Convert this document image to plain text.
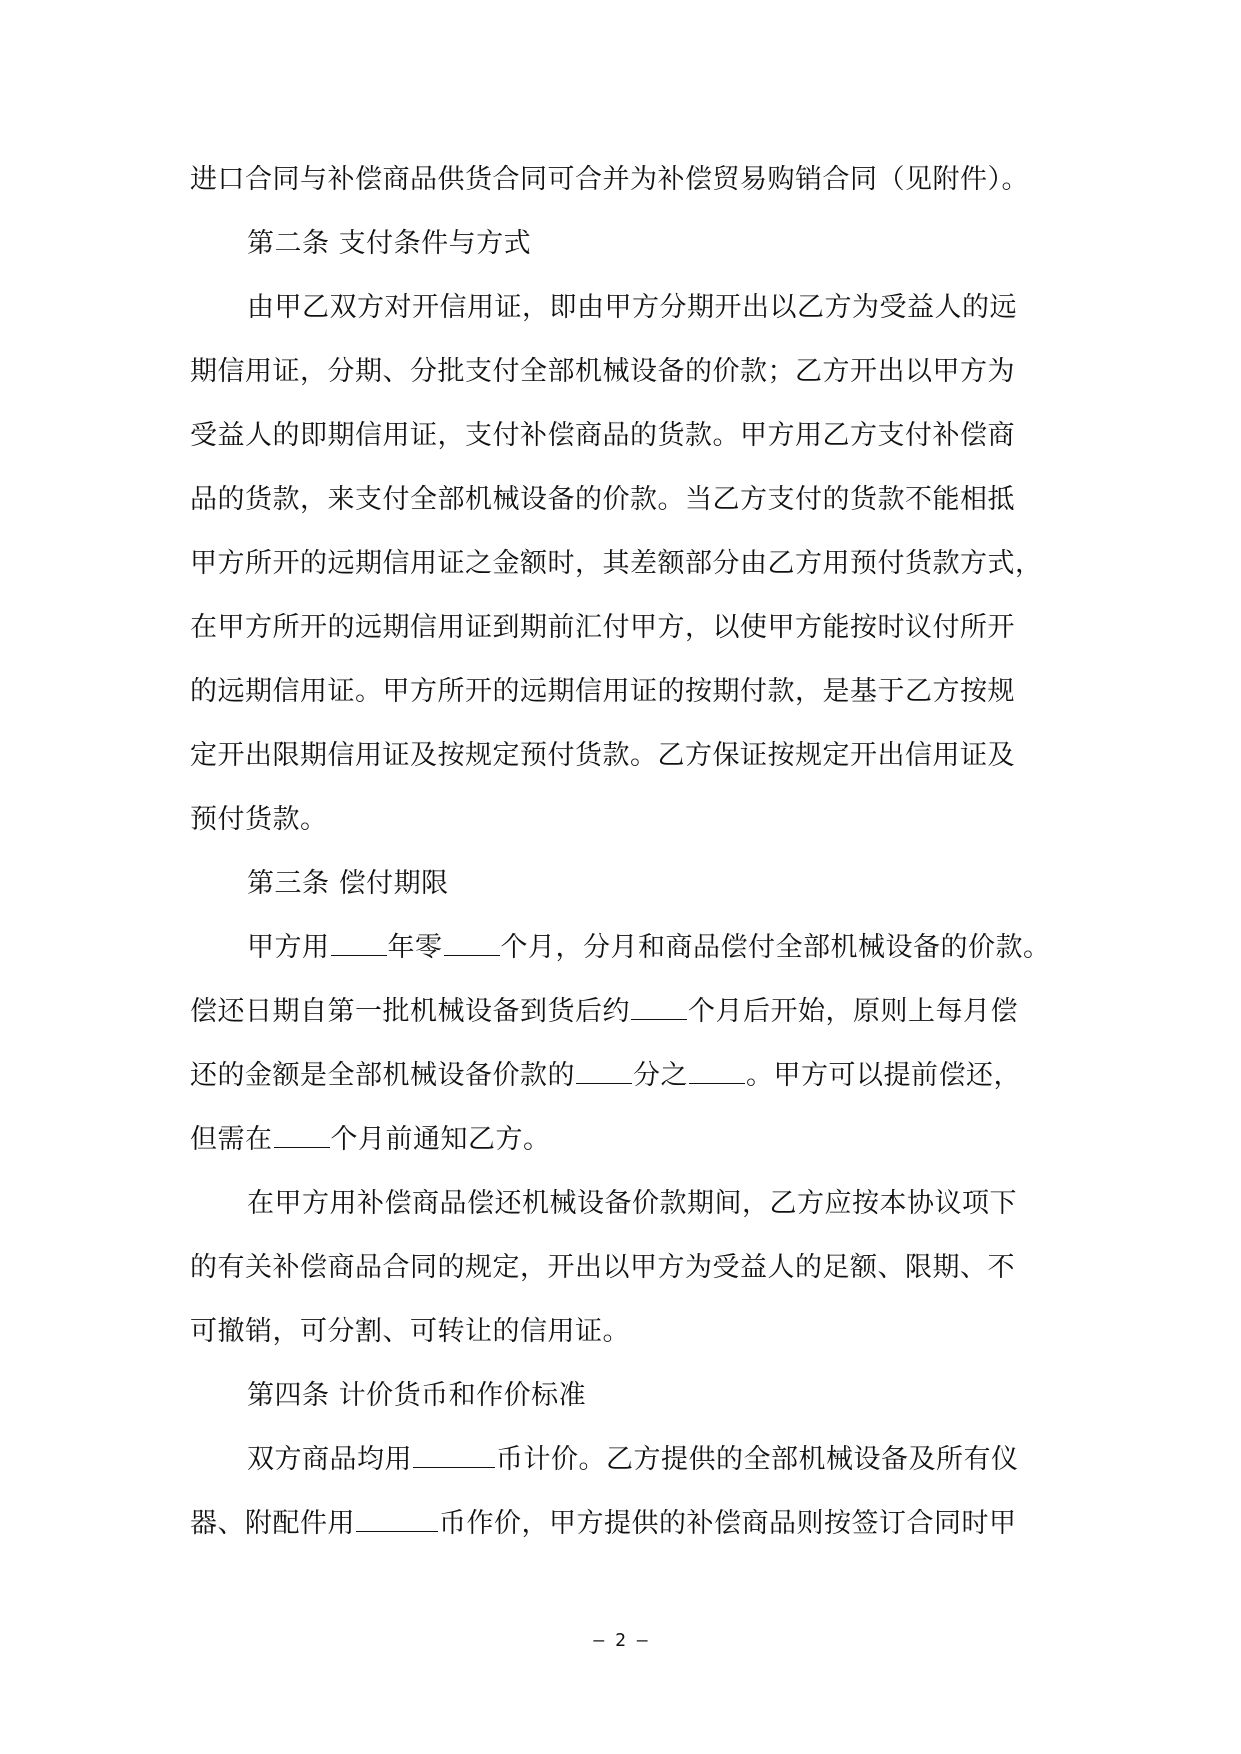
进口合同与补偿商品供货合同可合并为补偿贸易购销合同（见附件）。
第二条 支付条件与方式
由甲乙双方对开信用证，即由甲方分期开出以乙方为受益人的远
期信用证，分期、分批支付全部机械设备的价款；乙方开出以甲方为
受益人的即期信用证，支付补偿商品的货款。甲方用乙方支付补偿商
品的货款，来支付全部机械设备的价款。当乙方支付的货款不能相抵
甲方所开的远期信用证之金额时，其差额部分由乙方用预付货款方式，
在甲方所开的远期信用证到期前汇付甲方，以使甲方能按时议付所开
的远期信用证。甲方所开的远期信用证的按期付款，是基于乙方按规
定开出限期信用证及按规定预付货款。乙方保证按规定开出信用证及
预付货款。
第三条 偿付期限
甲方用 年零 个月，分月和商品偿付全部机械设备的价款。
偿还日期自第一批机械设备到货后约 个月后开始，原则上每月偿
还的金额是全部机械设备价款的 分之 。甲方可以提前偿还，
但需在 个月前通知乙方。
在甲方用补偿商品偿还机械设备价款期间，乙方应按本协议项下
的有关补偿商品合同的规定，开出以甲方为受益人的足额、限期、不
可撤销，可分割、可转让的信用证。
第四条 计价货币和作价标准
双方商品均用	币计价。乙方提供的全部机械设备及所有仪
器、附配件用	币作价，甲方提供的补偿商品则按签订合同时甲
— 2 —
